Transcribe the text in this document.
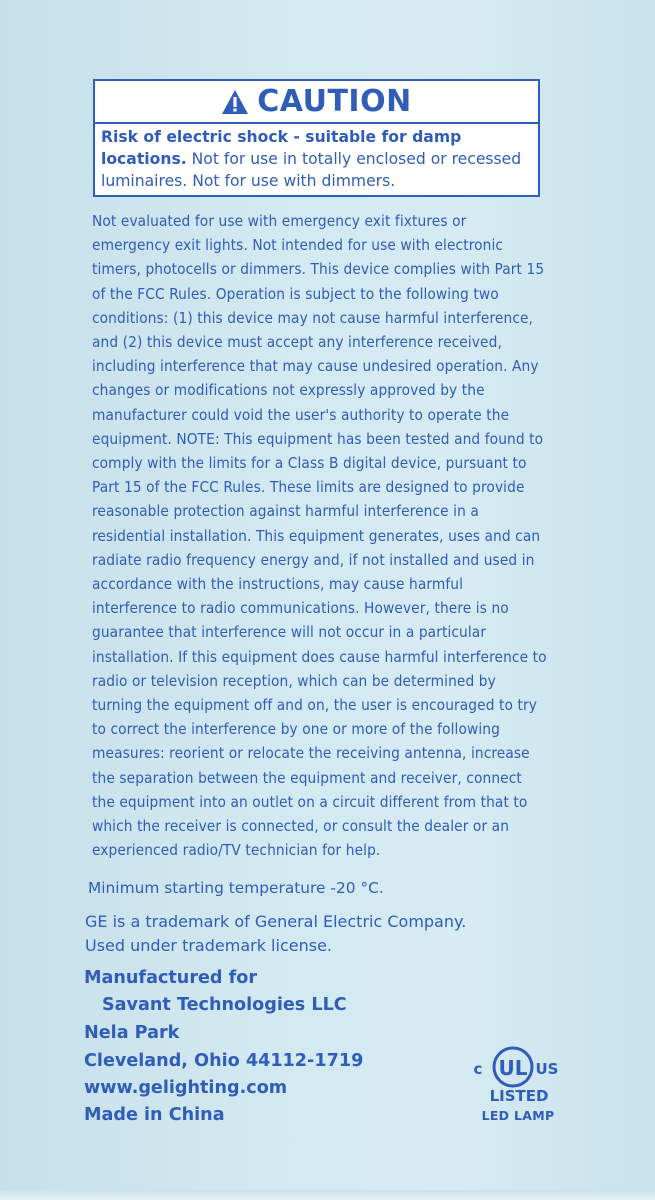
CAUTION
Risk of electric shock - suitable for damp locations. Not for use in totally enclosed or recessed luminaires. Not for use with dimmers.
Not evaluated for use with emergency exit fixtures or emergency exit lights. Not intended for use with electronic timers, photocells or dimmers. This device complies with Part 15 of the FCC Rules. Operation is subject to the following two conditions: (1) this device may not cause harmful interference, and (2) this device must accept any interference received, including interference that may cause undesired operation. Any changes or modifications not expressly approved by the manufacturer could void the user's authority to operate the equipment. NOTE: This equipment has been tested and found to comply with the limits for a Class B digital device, pursuant to Part 15 of the FCC Rules. These limits are designed to provide reasonable protection against harmful interference in a residential installation. This equipment generates, uses and can radiate radio frequency energy and, if not installed and used in accordance with the instructions, may cause harmful interference to radio communications. However, there is no guarantee that interference will not occur in a particular installation. If this equipment does cause harmful interference to radio or television reception, which can be determined by turning the equipment off and on, the user is encouraged to try to correct the interference by one or more of the following measures: reorient or relocate the receiving antenna, increase the separation between the equipment and receiver, connect the equipment into an outlet on a circuit different from that to which the receiver is connected, or consult the dealer or an experienced radio/TV technician for help.
Minimum starting temperature -20 °C.
GE is a trademark of General Electric Company.
Used under trademark license.
Manufactured for
Savant Technologies LLC
Nela Park
Cleveland, Ohio 44112-1719
www.gelighting.com
Made in China
UL
c	US
LISTED
LED LAMP
